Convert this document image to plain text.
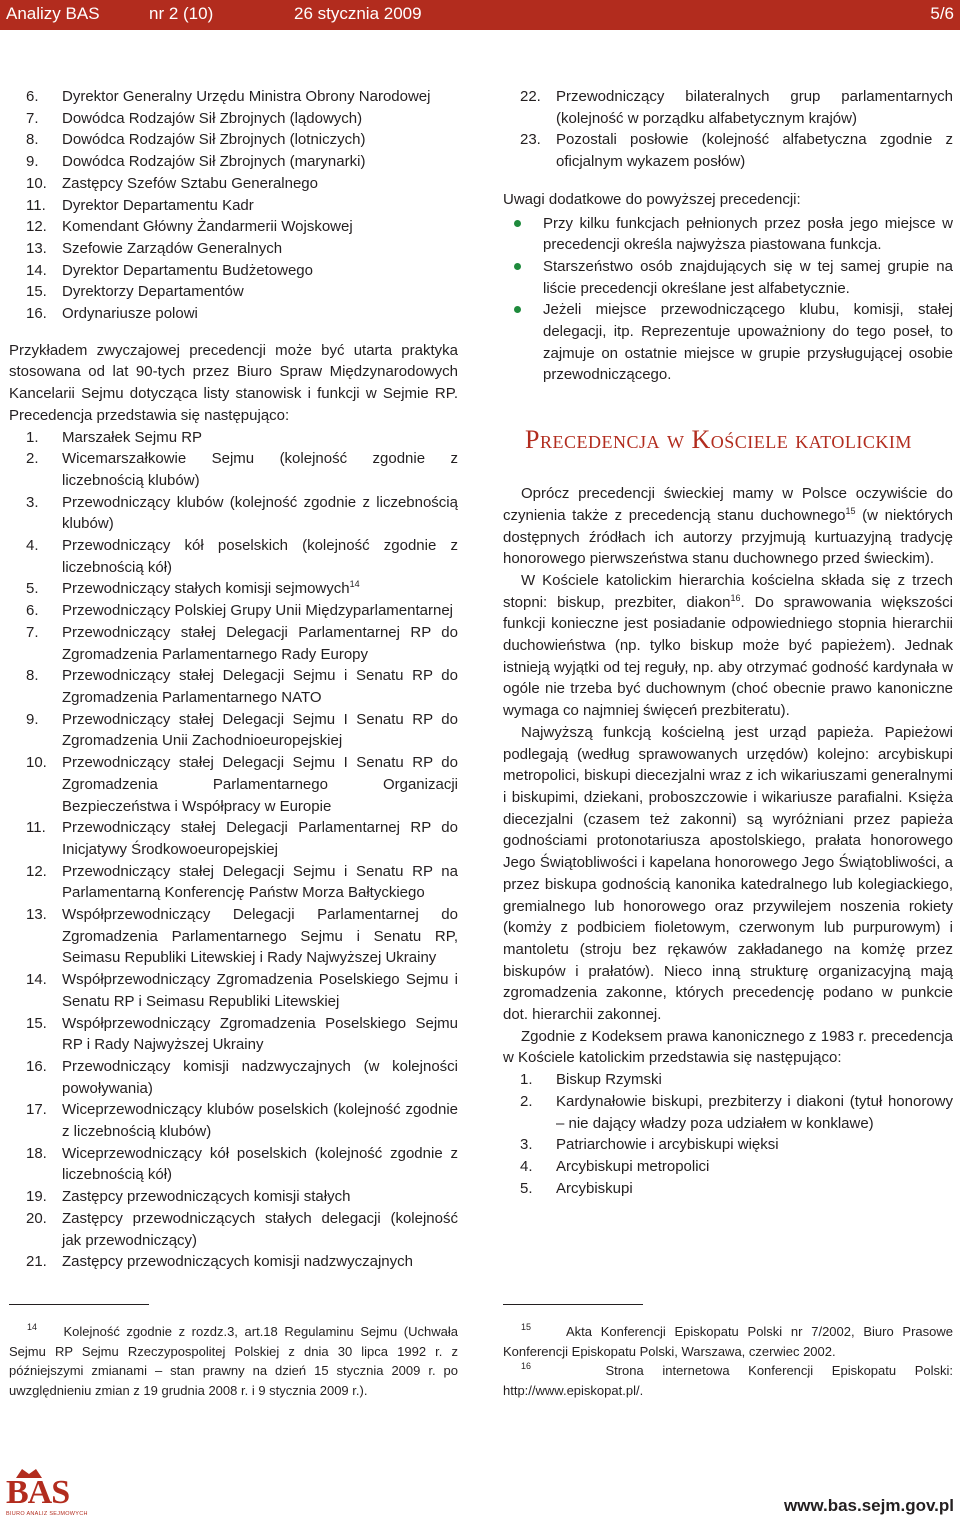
Analizy BAS	nr 2 (10)	26 stycznia 2009	5/6
6. Dyrektor Generalny Urzędu Ministra Obrony Narodowej
7. Dowódca Rodzajów Sił Zbrojnych (lądowych)
8. Dowódca Rodzajów Sił Zbrojnych (lotniczych)
9. Dowódca Rodzajów Sił Zbrojnych (marynarki)
10. Zastępcy Szefów Sztabu Generalnego
11. Dyrektor Departamentu Kadr
12. Komendant Główny Żandarmerii Wojskowej
13. Szefowie Zarządów Generalnych
14. Dyrektor Departamentu Budżetowego
15. Dyrektorzy Departamentów
16. Ordynariusze polowi

Przykładem zwyczajowej precedencji może być utarta praktyka stosowana od lat 90-tych przez Biuro Spraw Międzynarodowych Kancelarii Sejmu dotycząca listy stanowisk i funkcji w Sejmie RP. Precedencja przedstawia się następująco:

1. Marszałek Sejmu RP
2. Wicemarszałkowie Sejmu (kolejność zgodnie z liczebnością klubów)
3. Przewodniczący klubów (kolejność zgodnie z liczebnością klubów)
4. Przewodniczący kół poselskich (kolejność zgodnie z liczebnością kół)
5. Przewodniczący stałych komisji sejmowych$^{14}$
6. Przewodniczący Polskiej Grupy Unii Międzyparlamentarnej
7. Przewodniczący stałej Delegacji Parlamentarnej RP do Zgromadzenia Parlamentarnego Rady Europy
8. Przewodniczący stałej Delegacji Sejmu i Senatu RP do Zgromadzenia Parlamentarnego NATO
9. Przewodniczący stałej Delegacji Sejmu I Senatu RP do Zgromadzenia Unii Zachodnioeuropejskiej
10. Przewodniczący stałej Delegacji Sejmu I Senatu RP do Zgromadzenia Parlamentarnego Organizacji Bezpieczeństwa i Współpracy w Europie
11. Przewodniczący stałej Delegacji Parlamentarnej RP do Inicjatywy Środkowoeuropejskiej
12. Przewodniczący stałej Delegacji Sejmu i Senatu RP na Parlamentarną Konferencję Państw Morza Bałtyckiego
13. Współprzewodniczący Delegacji Parlamentarnej do Zgromadzenia Parlamentarnego Sejmu i Senatu RP, Seimasu Republiki Litewskiej i Rady Najwyższej Ukrainy
14. Współprzewodniczący Zgromadzenia Poselskiego Sejmu i Senatu RP i Seimasu Republiki Litewskiej
15. Współprzewodniczący Zgromadzenia Poselskiego Sejmu RP i Rady Najwyższej Ukrainy
16. Przewodniczący komisji nadzwyczajnych (w kolejności powoływania)
17. Wiceprzewodniczący klubów poselskich (kolejność zgodnie z liczebnością klubów)
18. Wiceprzewodniczący kół poselskich (kolejność zgodnie z liczebnością kół)
19. Zastępcy przewodniczących komisji stałych
20. Zastępcy przewodniczących stałych delegacji (kolejność jak przewodniczący)
21. Zastępcy przewodniczących komisji nadzwyczajnych
22. Przewodniczący bilateralnych grup parlamentarnych (kolejność w porządku alfabetycznym krajów)
23. Pozostali posłowie (kolejność alfabetyczna zgodnie z oficjalnym wykazem posłów)

Uwagi dodatkowe do powyższej precedencji:

Przy kilku funkcjach pełnionych przez posła jego miejsce w precedencji określa najwyższa piastowana funkcja.
Starszeństwo osób znajdujących się w tej samej grupie na liście precedencji określane jest alfabetycznie.
Jeżeli miejsce przewodniczącego klubu, komisji, stałej delegacji, itp. Reprezentuje upoważniony do tego poseł, to zajmuje on ostatnie miejsce w grupie przysługującej osobie przewodniczącego.
Precedencja w Kościele katolickim

Oprócz precedencji świeckiej mamy w Polsce oczywiście do czynienia także z precedencją stanu duchownego$^{15}$ (w niektórych dostępnych źródłach ich autorzy przyjmują kurtuazyjną tradycję honorowego pierwszeństwa stanu duchownego przed świeckim).

W Kościele katolickim hierarchia kościelna składa się z trzech stopni: biskup, prezbiter, diakon$^{16}$. Do sprawowania większości funkcji konieczne jest posiadanie odpowiedniego stopnia hierarchii duchowieństwa (np. tylko biskup może być papieżem). Jednak istnieją wyjątki od tej reguły, np. aby otrzymać godność kardynała w ogóle nie trzeba być duchownym (choć obecnie prawo kanoniczne wymaga co najmniej święceń prezbiteratu).

Najwyższą funkcją kościelną jest urząd papieża. Papieżowi podlegają (według sprawowanych urzędów) kolejno: arcybiskupi metropolici, biskupi diecezjalni wraz z ich wikariuszami generalnymi i biskupimi, dziekani, proboszczowie i wikariusze parafialni. Księża diecezjalni (czasem też zakonni) są wyróżniani przez papieża godnościami protonotariusza apostolskiego, prałata honorowego Jego Świątobliwości i kapelana honorowego Jego Świątobliwości, a przez biskupa godnością kanonika katedralnego lub kolegiackiego, gremialnego lub honorowego oraz przywilejem noszenia rokiety (komży z podbiciem fioletowym, czerwonym lub purpurowym) i mantoletu (stroju bez rękawów zakładanego na komżę przez biskupów i prałatów). Nieco inną strukturę organizacyjną mają zgromadzenia zakonne, których precedencję podano w punkcie dot. hierarchii zakonnej.

Zgodnie z Kodeksem prawa kanonicznego z 1983 r. precedencja w Kościele katolickim przedstawia się następująco:

1. Biskup Rzymski
2. Kardynałowie biskupi, prezbiterzy i diakoni (tytuł honorowy – nie dający władzy poza udziałem w konklawe)
3. Patriarchowie i arcybiskupi więksi
4. Arcybiskupi metropolici
5. Arcybiskupi

$^{14}$ Kolejność zgodnie z rozdz.3, art.18 Regulaminu Sejmu (Uchwała Sejmu RP Sejmu Rzeczypospolitej Polskiej z dnia 30 lipca 1992 r. z późniejszymi zmianami – stan prawny na dzień 15 stycznia 2009 r. po uwzględnieniu zmian z 19 grudnia 2008 r. i 9 stycznia 2009 r.).

$^{15}$	Akta Konferencji Episkopatu Polski nr 7/2002, Biuro Prasowe Konferencji Episkopatu Polski, Warszawa, czerwiec 2002.

$^{16}$	Strona internetowa Konferencji Episkopatu Polski: http://www.episkopat.pl/.

BAS
BIURO ANALIZ SEJMOWYCH	www.bas.sejm.gov.pl
